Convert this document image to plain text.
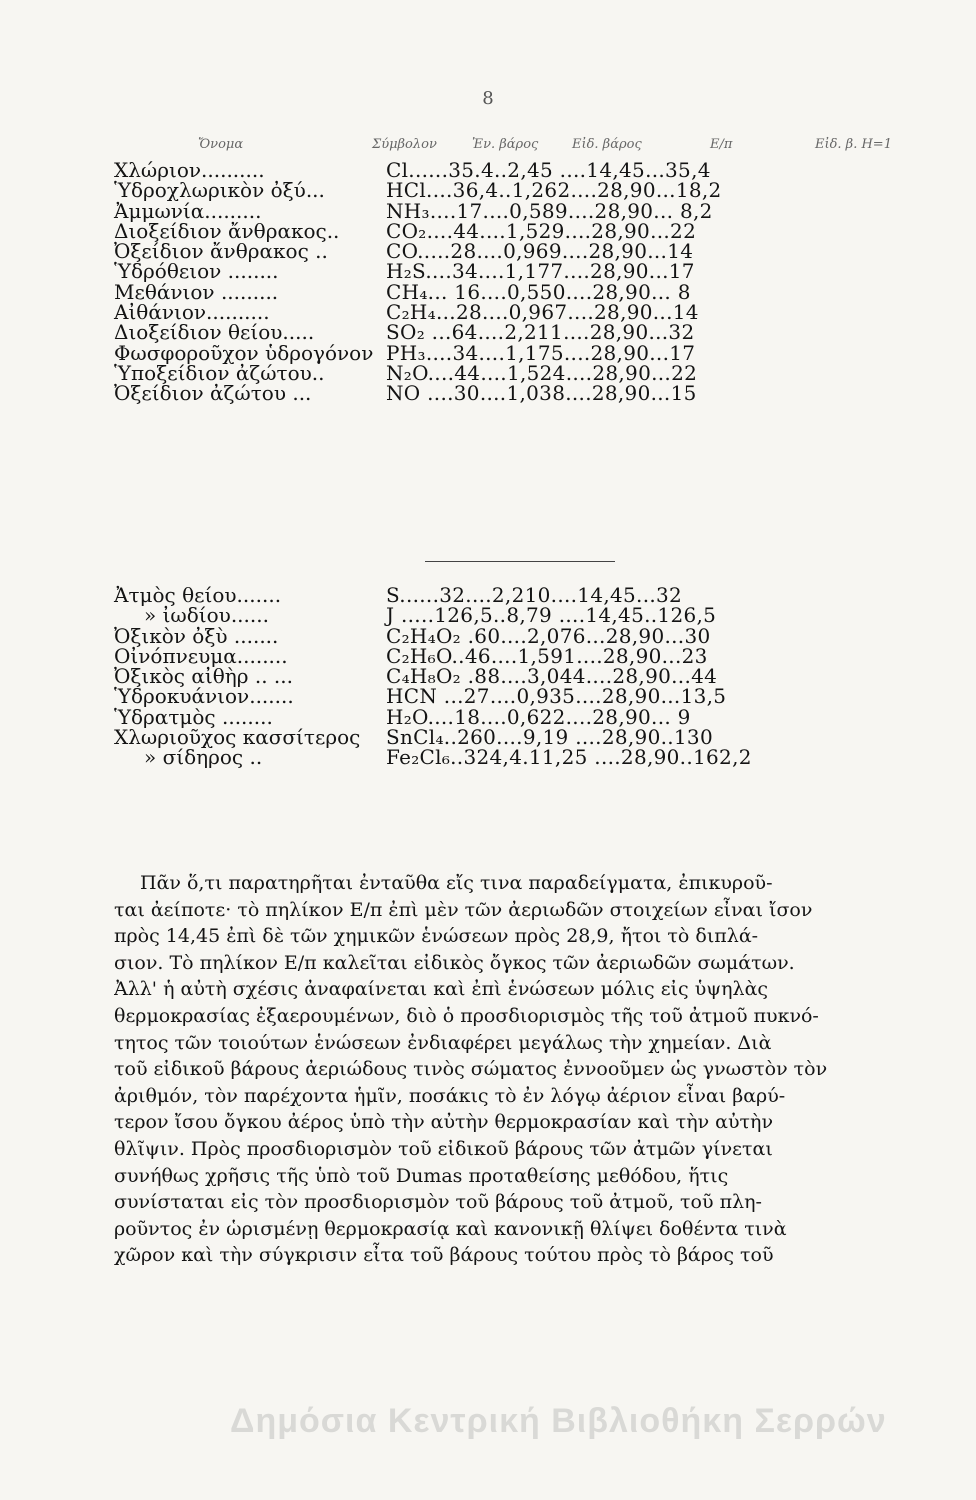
8
Ὄνομα	Σύμβολον	Ἐν. βάρος	Εἰδ. βάρος	Ε/π	Εἰδ. β. Η=1
Χλώριον..........	Cl......35.4..2,45 ....14,45...35,4
Ὑδροχλωρικὸν ὀξύ...	HCl....36,4..1,262....28,90...18,2
Ἀμμωνία.........	NH₃....17....0,589....28,90... 8,2
Διοξείδιον ἄνθρακος.. CO₂....44....1,529....28,90...22
Ὀξείδιον ἄνθρακος ..	CO.....28....0,969....28,90...14
Ὑδρόθειον ........	H₂S....34....1,177....28,90...17
Μεθάνιον .........	CH₄... 16....0,550....28,90... 8
Αἰθάνιον..........	C₂H₄...28....0,967....28,90...14
Διοξείδιον θείου.....	SO₂ ...64....2,211....28,90...32
Φωσφοροῦχον ὑδρογόνον PH₃....34....1,175....28,90...17
Ὑποξείδιον ἀζώτου..	N₂O....44....1,524....28,90...22
Ὀξείδιον ἀζώτου ...	NO ....30....1,038....28,90...15
Ἀτμὸς θείου.......	S......32....2,210....14,45...32
» ἰωδίου......	J .....126,5..8,79 ....14,45..126,5
Ὀξικὸν ὀξὺ .......	C₂H₄O₂ .60....2,076...28,90...30
Οἰνόπνευμα........	C₂H₆O..46....1,591....28,90...23
Ὀξικὸς αἰθὴρ .. ...	C₄H₈O₂ .88....3,044....28,90...44
Ὑδροκυάνιον.......	HCN ...27....0,935....28,90...13,5
Ὑδρατμὸς ........	H₂O....18....0,622....28,90... 9
Χλωριοῦχος κασσίτερος SnCl₄..260....9,19 ....28,90..130
» σίδηρος ..	Fe₂Cl₆..324,4.11,25 ....28,90..162,2
Πᾶν ὅ,τι παρατηρῆται ἐνταῦθα εἴς τινα παραδείγματα, ἐπικυροῦ-
ται ἀείποτε· τὸ πηλίκον Ε/π ἐπὶ μὲν τῶν ἀεριωδῶν στοιχείων εἶναι ἴσον
πρὸς 14,45 ἐπὶ δὲ τῶν χημικῶν ἑνώσεων πρὸς 28,9, ἤτοι τὸ διπλά-
σιον. Τὸ πηλίκον Ε/π καλεῖται εἰδικὸς ὄγκος τῶν ἀεριωδῶν σωμάτων.
Ἀλλ' ἡ αὐτὴ σχέσις ἀναφαίνεται καὶ ἐπὶ ἑνώσεων μόλις εἰς ὑψηλὰς
θερμοκρασίας ἐξαερουμένων, διὸ ὁ προσδιορισμὸς τῆς τοῦ ἀτμοῦ πυκνό-
τητος τῶν τοιούτων ἑνώσεων ἐνδιαφέρει μεγάλως τὴν χημείαν. Διὰ
τοῦ εἰδικοῦ βάρους ἀεριώδους τινὸς σώματος ἐννοοῦμεν ὡς γνωστὸν τὸν
ἀριθμόν, τὸν παρέχοντα ἡμῖν, ποσάκις τὸ ἐν λόγῳ ἀέριον εἶναι βαρύ-
τερον ἴσου ὄγκου ἀέρος ὑπὸ τὴν αὐτὴν θερμοκρασίαν καὶ τὴν αὐτὴν
θλῖψιν. Πρὸς προσδιορισμὸν τοῦ εἰδικοῦ βάρους τῶν ἀτμῶν γίνεται
συνήθως χρῆσις τῆς ὑπὸ τοῦ Dumas προταθείσης μεθόδου, ἥτις
συνίσταται εἰς τὸν προσδιορισμὸν τοῦ βάρους τοῦ ἀτμοῦ, τοῦ πλη-
ροῦντος ἐν ὡρισμένῃ θερμοκρασίᾳ καὶ κανονικῇ θλίψει δοθέντα τινὰ
χῶρον καὶ τὴν σύγκρισιν εἶτα τοῦ βάρους τούτου πρὸς τὸ βάρος τοῦ
Δημόσια Κεντρική Βιβλιοθήκη Σερρών
